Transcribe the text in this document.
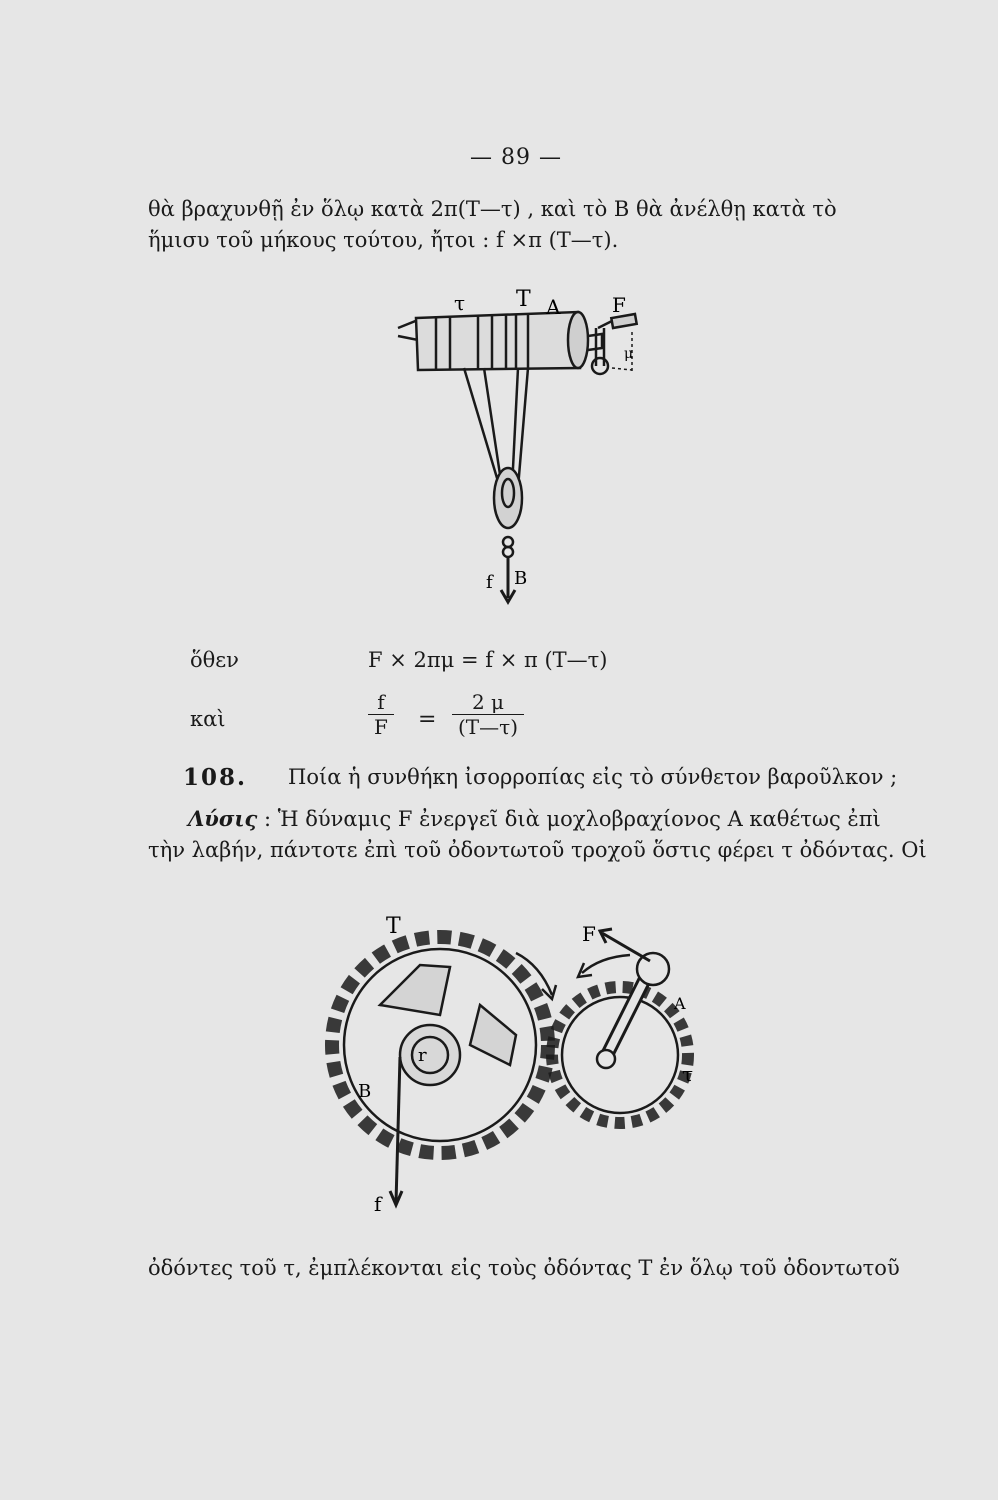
— 89 —
θὰ βραχυνθῇ ἐν ὅλῳ κατὰ 2π(T—τ) , καὶ τὸ B θὰ ἀνέλθῃ κατὰ τὸ
ἥμισυ τοῦ μήκους τούτου, ἤτοι : f ×π (T—τ).
τ T A	F
μ
f B
ὅθεν	F × 2πμ = f × π (T—τ)
καὶ	$\frac{f}{F} = \frac{2 \mu}{(T—\tau)}$
108. Ποία ἡ συνθήκη ἰσορροπίας εἰς τὸ σύνθετον βαροῦλκον ;
Λύσις : Ἡ δύναμις F ἐνεργεῖ διὰ μοχλοβραχίονος A καθέτως ἐπὶ
τὴν λαβήν, πάντοτε ἐπὶ τοῦ ὀδοντωτοῦ τροχοῦ ὅστις φέρει τ ὀδόντας. Οἱ
T	F
A
τ
B
f
r
ὀδόντες τοῦ τ, ἐμπλέκονται εἰς τοὺς ὀδόντας T ἐν ὅλῳ τοῦ ὀδοντωτοῦ
